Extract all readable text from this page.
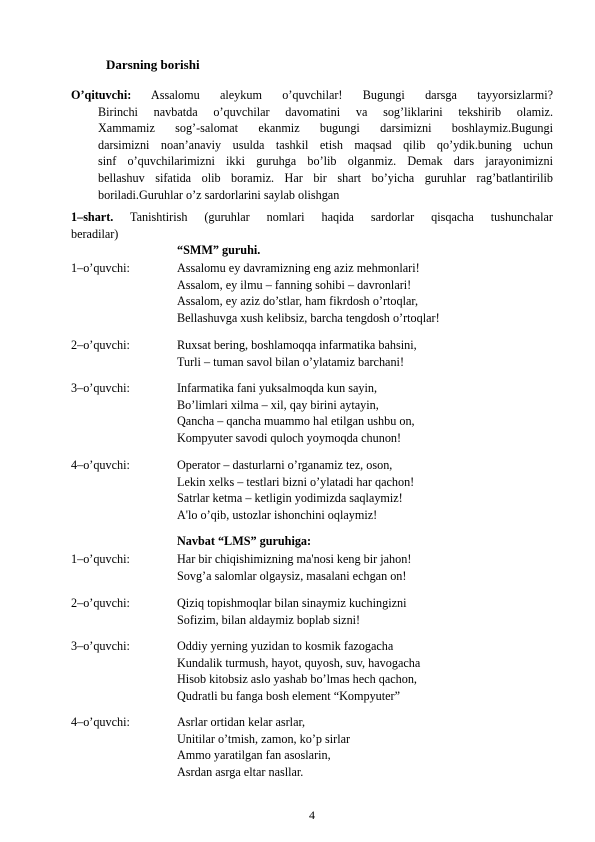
Darsning borishi
O’qituvchi: Assalomu aleykum o’quvchilar! Bugungi darsga tayyorsizlarmi?
Birinchi navbatda o’quvchilar davomatini va sog’liklarini tekshirib olamiz.
Xammamiz sog’-salomat ekanmiz bugungi darsimizni boshlaymiz.Bugungi
darsimizni noan’anaviy usulda tashkil etish maqsad qilib qo’ydik.buning uchun
sinf o’quvchilarimizni ikki guruhga bo’lib olganmiz. Demak dars jarayonimizni
bellashuv sifatida olib boramiz. Har bir shart bo’yicha guruhlar rag’batlantirilib
boriladi.Guruhlar o’z sardorlarini saylab olishgan
1–shart. Tanishtirish (guruhlar nomlari haqida sardorlar qisqacha tushunchalar
beradilar)
“SMM” guruhi.
1–o’quvchi:	Assalomu ey davramizning eng aziz mehmonlari!
Assalom, ey ilmu – fanning sohibi – davronlari!
Assalom, ey aziz do’stlar, ham fikrdosh o’rtoqlar,
Bellashuvga xush kelibsiz, barcha tengdosh o’rtoqlar!
2–o’quvchi:	Ruxsat bering, boshlamoqqa infarmatika bahsini,
Turli – tuman savol bilan o’ylatamiz barchani!
3–o’quvchi:	Infarmatika fani yuksalmoqda kun sayin,
Bo’limlari xilma – xil, qay birini aytayin,
Qancha – qancha muammo hal etilgan ushbu on,
Kompyuter savodi quloch yoymoqda chunon!
4–o’quvchi:	Operator – dasturlarni o’rganamiz tez, oson,
Lekin xelks – testlari bizni o’ylatadi har qachon!
Satrlar ketma – ketligin yodimizda saqlaymiz!
A'lo o’qib, ustozlar ishonchini oqlaymiz!
Navbat “LMS” guruhiga:
1–o’quvchi:	Har bir chiqishimizning ma'nosi keng bir jahon!
Sovg’a salomlar olgaysiz, masalani echgan on!
2–o’quvchi:	Qiziq topishmoqlar bilan sinaymiz kuchingizni
Sofizim, bilan aldaymiz boplab sizni!
3–o’quvchi:	Oddiy yerning yuzidan to kosmik fazogacha
Kundalik turmush, hayot, quyosh, suv, havogacha
Hisob kitobsiz aslo yashab bo’lmas hech qachon,
Qudratli bu fanga bosh element “Kompyuter”
4–o’quvchi:	Asrlar ortidan kelar asrlar,
Unitilar o’tmish, zamon, ko’p sirlar
Ammo yaratilgan fan asoslarin,
Asrdan asrga eltar nasllar.
4
